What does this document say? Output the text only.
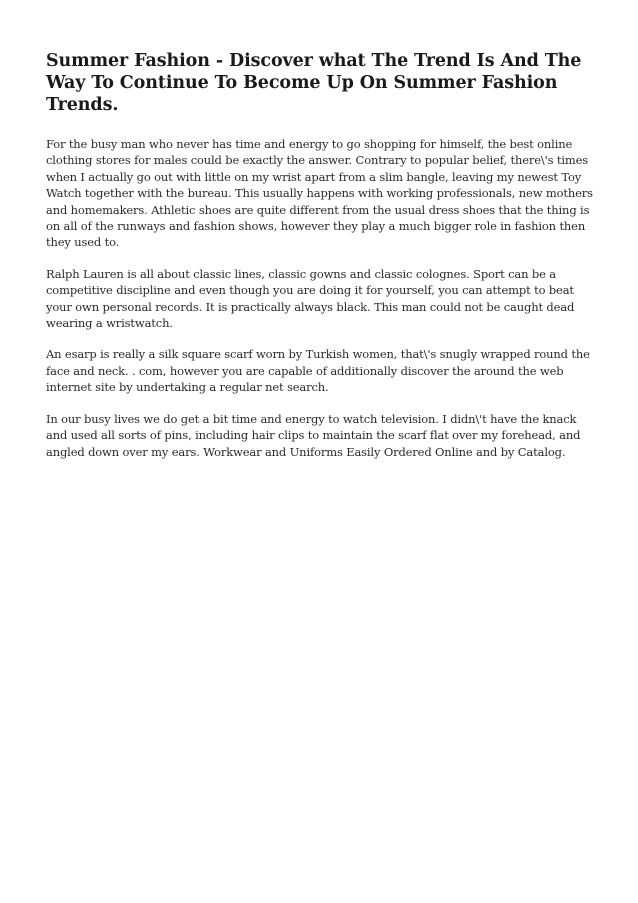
Summer Fashion - Discover what The Trend Is And The Way To Continue To Become Up On Summer Fashion Trends.

For the busy man who never has time and energy to go shopping for himself, the best online clothing stores for males could be exactly the answer. Contrary to popular belief, there\'s times when I actually go out with little on my wrist apart from a slim bangle, leaving my newest Toy Watch together with the bureau. This usually happens with working professionals, new mothers and homemakers. Athletic shoes are quite different from the usual dress shoes that the thing is on all of the runways and fashion shows, however they play a much bigger role in fashion then they used to.

Ralph Lauren is all about classic lines, classic gowns and classic colognes. Sport can be a competitive discipline and even though you are doing it for yourself, you can attempt to beat your own personal records. It is practically always black. This man could not be caught dead wearing a wristwatch.

An esarp is really a silk square scarf worn by Turkish women, that\'s snugly wrapped round the face and neck. . com, however you are capable of additionally discover the around the web internet site by undertaking a regular net search.

In our busy lives we do get a bit time and energy to watch television. I didn\'t have the knack and used all sorts of pins, including hair clips to maintain the scarf flat over my forehead, and angled down over my ears. Workwear and Uniforms Easily Ordered Online and by Catalog.
